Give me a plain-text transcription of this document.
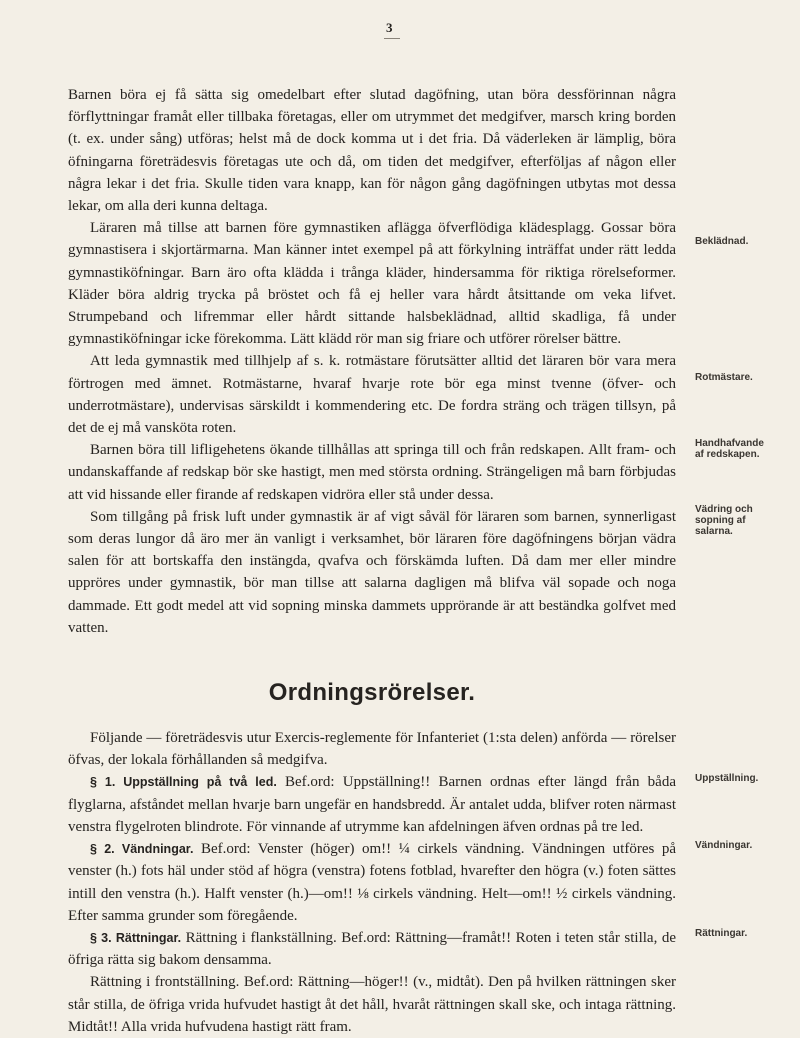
3

Barnen böra ej få sätta sig omedelbart efter slutad dagöfning, utan böra dessförinnan några förflyttningar framåt eller tillbaka företagas, eller om utrymmet det medgifver, marsch kring borden (t. ex. under sång) utföras; helst må de dock komma ut i det fria. Då väderleken är lämplig, böra öfningarna företrädesvis företagas ute och då, om tiden det medgifver, efterföljas af någon eller några lekar i det fria. Skulle tiden vara knapp, kan för någon gång dagöfningen utbytas mot dessa lekar, om alla deri kunna deltaga.

Läraren må tillse att barnen före gymnastiken aflägga öfverflödiga klädesplagg. Gossar böra gymnastisera i skjortärmarna. Man känner intet exempel på att förkylning inträffat under rätt ledda gymnastiköfningar. Barn äro ofta klädda i trånga kläder, hindersamma för riktiga rörelseformer. Kläder böra aldrig trycka på bröstet och få ej heller vara hårdt åtsittande om veka lifvet. Strumpeband och lifremmar eller hårdt sittande halsbeklädnad, alltid skadliga, få under gymnastiköfningar icke förekomma. Lätt klädd rör man sig friare och utförer rörelser bättre.

Att leda gymnastik med tillhjelp af s. k. rotmästare förutsätter alltid det läraren bör vara mera förtrogen med ämnet. Rotmästarne, hvaraf hvarje rote bör ega minst tvenne (öfver- och underrotmästare), undervisas särskildt i kommendering etc. De fordra sträng och trägen tillsyn, på det de ej må vansköta roten.

Barnen böra till lifligehetens ökande tillhållas att springa till och från redskapen. Allt fram- och undanskaffande af redskap bör ske hastigt, men med största ordning. Strängeligen må barn förbjudas att vid hissande eller firande af redskapen vidröra eller stå under dessa.

Som tillgång på frisk luft under gymnastik är af vigt såväl för läraren som barnen, synnerligast som deras lungor då äro mer än vanligt i verksamhet, bör läraren före dagöfningens början vädra salen för att bortskaffa den instängda, qvafva och förskämda luften. Då dam mer eller mindre uppröres under gymnastik, bör man tillse att salarna dagligen må blifva väl sopade och noga dammade. Ett godt medel att vid sopning minska dammets upprörande är att beständka golfvet med vatten.

Ordningsrörelser.

Följande — företrädesvis utur Exercis-reglemente för Infanteriet (1:sta delen) anförda — rörelser öfvas, der lokala förhållanden så medgifva.

§ 1. Uppställning på två led. Bef.ord: Uppställning!! Barnen ordnas efter längd från båda flyglarna, afståndet mellan hvarje barn ungefär en handsbredd. Är antalet udda, blifver roten närmast venstra flygelroten blindrote. För vinnande af utrymme kan afdelningen äfven ordnas på tre led.

§ 2. Vändningar. Bef.ord: Venster (höger) om!! ¼ cirkels vändning. Vändningen utföres på venster (h.) fots häl under stöd af högra (venstra) fotens fotblad, hvarefter den högra (v.) foten sättes intill den venstra (h.). Halft venster (h.)—om!! ⅛ cirkels vändning. Helt—om!! ½ cirkels vändning. Efter samma grunder som föregående.

§ 3. Rättningar. Rättning i flankställning. Bef.ord: Rättning—framåt!! Roten i teten står stilla, de öfriga rätta sig bakom densamma.

Rättning i frontställning. Bef.ord: Rättning—höger!! (v., midtåt). Den på hvilken rättningen sker står stilla, de öfriga vrida hufvudet hastigt åt det håll, hvaråt rättningen skall ske, och intaga rättning. Midtåt!! Alla vrida hufvudena hastigt rätt fram.

Beklädnad.
Rotmästare.
Handhafvande
af redskapen.
Vädring och
sopning af
salarna.
Uppställning.
Vändningar.
Rättningar.
